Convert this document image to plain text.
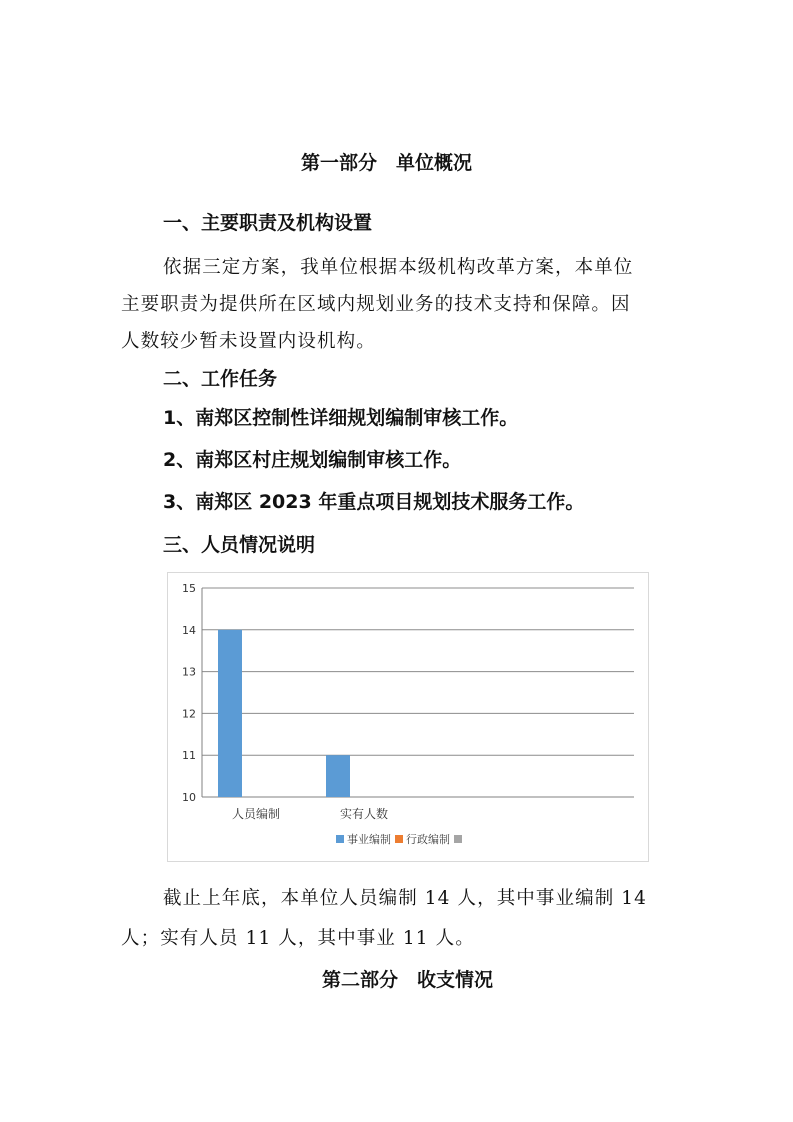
第一部分　单位概况
一、主要职责及机构设置
依据三定方案，我单位根据本级机构改革方案，本单位
主要职责为提供所在区域内规划业务的技术支持和保障。因
人数较少暂未设置内设机构。
二、工作任务
1、南郑区控制性详细规划编制审核工作。
2、南郑区村庄规划编制审核工作。
3、南郑区 2023 年重点项目规划技术服务工作。
三、人员情况说明
10
11
12
13
14
15
人员编制	实有人数
事业编制 行政编制
截止上年底，本单位人员编制 14 人，其中事业编制 14
人；实有人员 11 人，其中事业 11 人。
第二部分　收支情况
